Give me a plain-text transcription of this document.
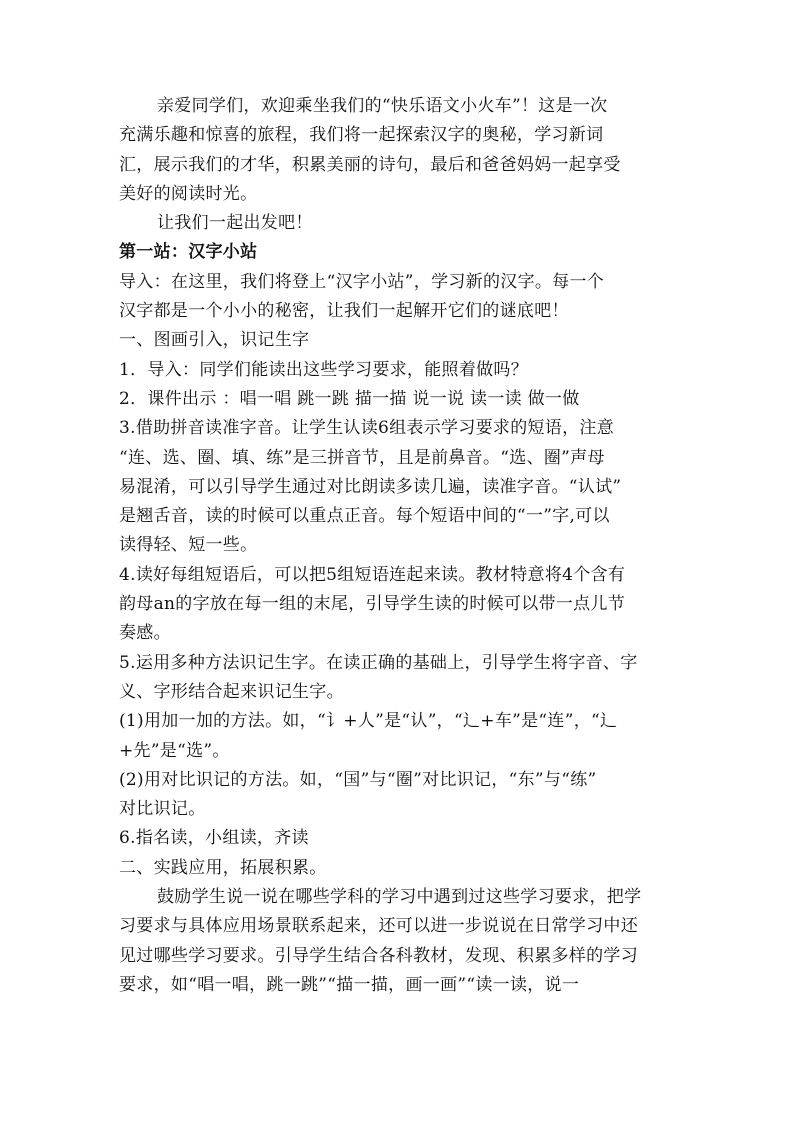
亲爱同学们，欢迎乘坐我们的“快乐语文小火车”！这是一次
充满乐趣和惊喜的旅程，我们将一起探索汉字的奥秘，学习新词
汇，展示我们的才华，积累美丽的诗句，最后和爸爸妈妈一起享受
美好的阅读时光。
让我们一起出发吧！
第一站：汉字小站
导入：在这里，我们将登上“汉字小站”，学习新的汉字。每一个
汉字都是一个小小的秘密，让我们一起解开它们的谜底吧！
一、图画引入，识记生字
1．导入：同学们能读出这些学习要求，能照着做吗？
2．课件出示 ：唱一唱 跳一跳 描一描 说一说 读一读 做一做
3.借助拼音读准字音。让学生认读6组表示学习要求的短语，注意
“连、选、圈、填、练”是三拼音节，且是前鼻音。“选、圈”声母
易混淆，可以引导学生通过对比朗读多读几遍，读准字音。“认试”
是翘舌音，读的时候可以重点正音。每个短语中间的“一”字,可以
读得轻、短一些。
4.读好每组短语后，可以把5组短语连起来读。教材特意将4个含有
韵母an的字放在每一组的末尾，引导学生读的时候可以带一点儿节
奏感。
5.运用多种方法识记生字。在读正确的基础上，引导学生将字音、字
义、字形结合起来识记生字。
(1)用加一加的方法。如，“讠+人”是“认”，“辶+车”是“连”，“辶
+先”是“选”。
(2)用对比识记的方法。如，“国”与“圈”对比识记，“东”与“练”
对比识记。
6.指名读，小组读，齐读
二、实践应用，拓展积累。
鼓励学生说一说在哪些学科的学习中遇到过这些学习要求，把学
习要求与具体应用场景联系起来，还可以进一步说说在日常学习中还
见过哪些学习要求。引导学生结合各科教材，发现、积累多样的学习
要求，如“唱一唱，跳一跳”“描一描，画一画”“读一读，说一
